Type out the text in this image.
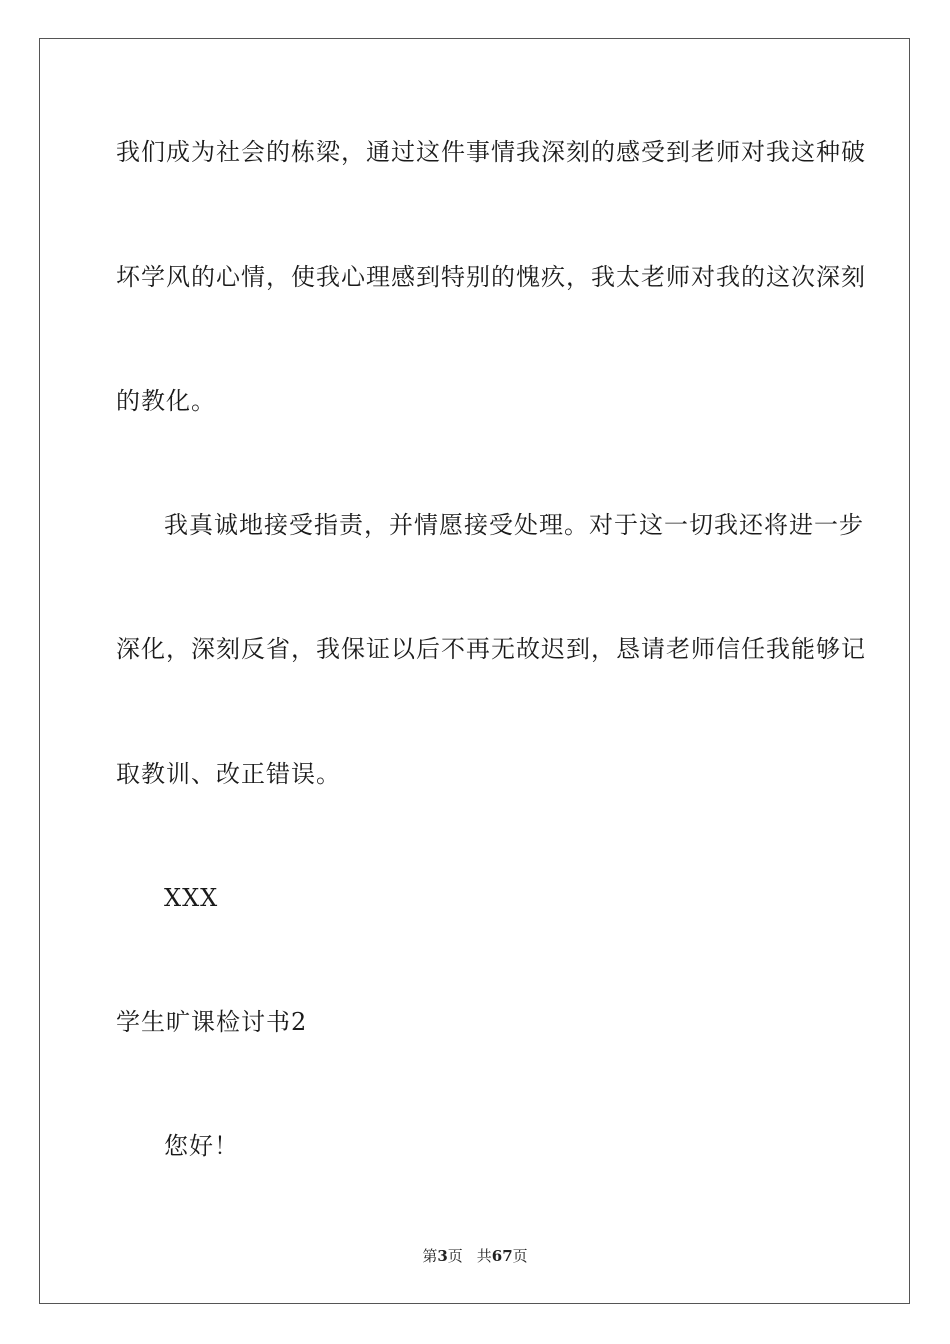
我们成为社会的栋梁，通过这件事情我深刻的感受到老师对我这种破
坏学风的心情，使我心理感到特别的愧疚，我太老师对我的这次深刻
的教化。
我真诚地接受指责，并情愿接受处理。对于这一切我还将进一步
深化，深刻反省，我保证以后不再无故迟到，恳请老师信任我能够记
取教训、改正错误。
XXX
学生旷课检讨书2
您好！
第3页 共67页
